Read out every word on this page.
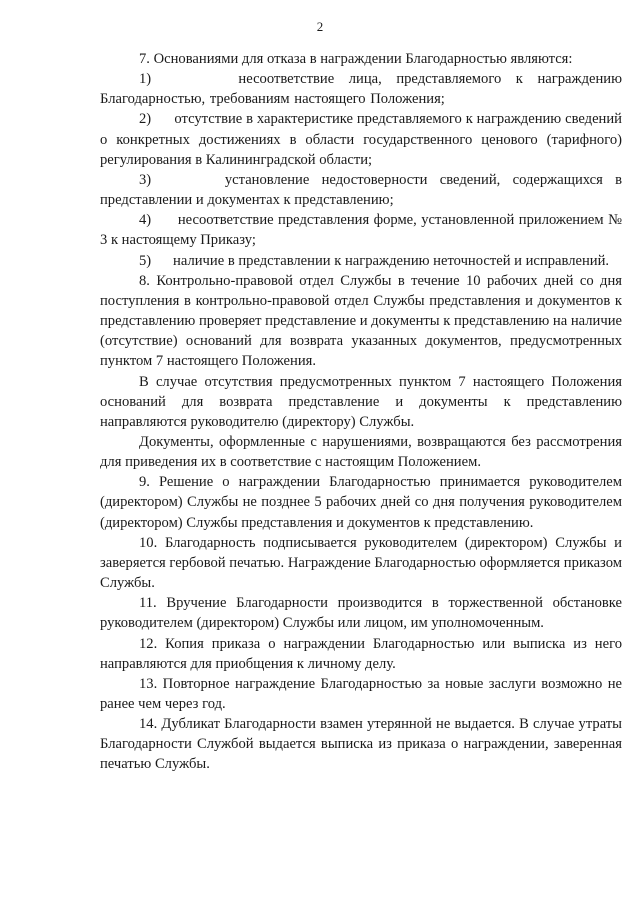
2

7. Основаниями для отказа в награждении Благодарностью являются:

1)      несоответствие лица, представляемого к награждению Благодарностью, требованиям настоящего Положения;

2)      отсутствие в характеристике представляемого к награждению сведений о конкретных достижениях в области государственного ценового (тарифного) регулирования в Калининградской области;

3)      установление недостоверности сведений, содержащихся в представлении и документах к представлению;

4)      несоответствие представления форме, установленной приложением № 3 к настоящему Приказу;

5)      наличие в представлении к награждению неточностей и исправлений.

8. Контрольно-правовой отдел Службы в течение 10 рабочих дней со дня поступления в контрольно-правовой отдел Службы представления и документов к представлению проверяет представление и документы к представлению на наличие (отсутствие) оснований для возврата указанных документов, предусмотренных пунктом 7 настоящего Положения.

В случае отсутствия предусмотренных пунктом 7 настоящего Положения оснований для возврата представление и документы к представлению направляются руководителю (директору) Службы.

Документы, оформленные с нарушениями, возвращаются без рассмотрения для приведения их в соответствие с настоящим Положением.

9. Решение о награждении Благодарностью принимается руководителем (директором) Службы не позднее 5 рабочих дней со дня получения руководителем (директором) Службы представления и документов к представлению.

10. Благодарность подписывается руководителем (директором) Службы и заверяется гербовой печатью. Награждение Благодарностью оформляется приказом Службы.

11. Вручение Благодарности производится в торжественной обстановке руководителем (директором) Службы или лицом, им уполномоченным.

12. Копия приказа о награждении Благодарностью или выписка из него направляются для приобщения к личному делу.

13. Повторное награждение Благодарностью за новые заслуги возможно не ранее чем через год.

14. Дубликат Благодарности взамен утерянной не выдается. В случае утраты Благодарности Службой выдается выписка из приказа о награждении, заверенная печатью Службы.
